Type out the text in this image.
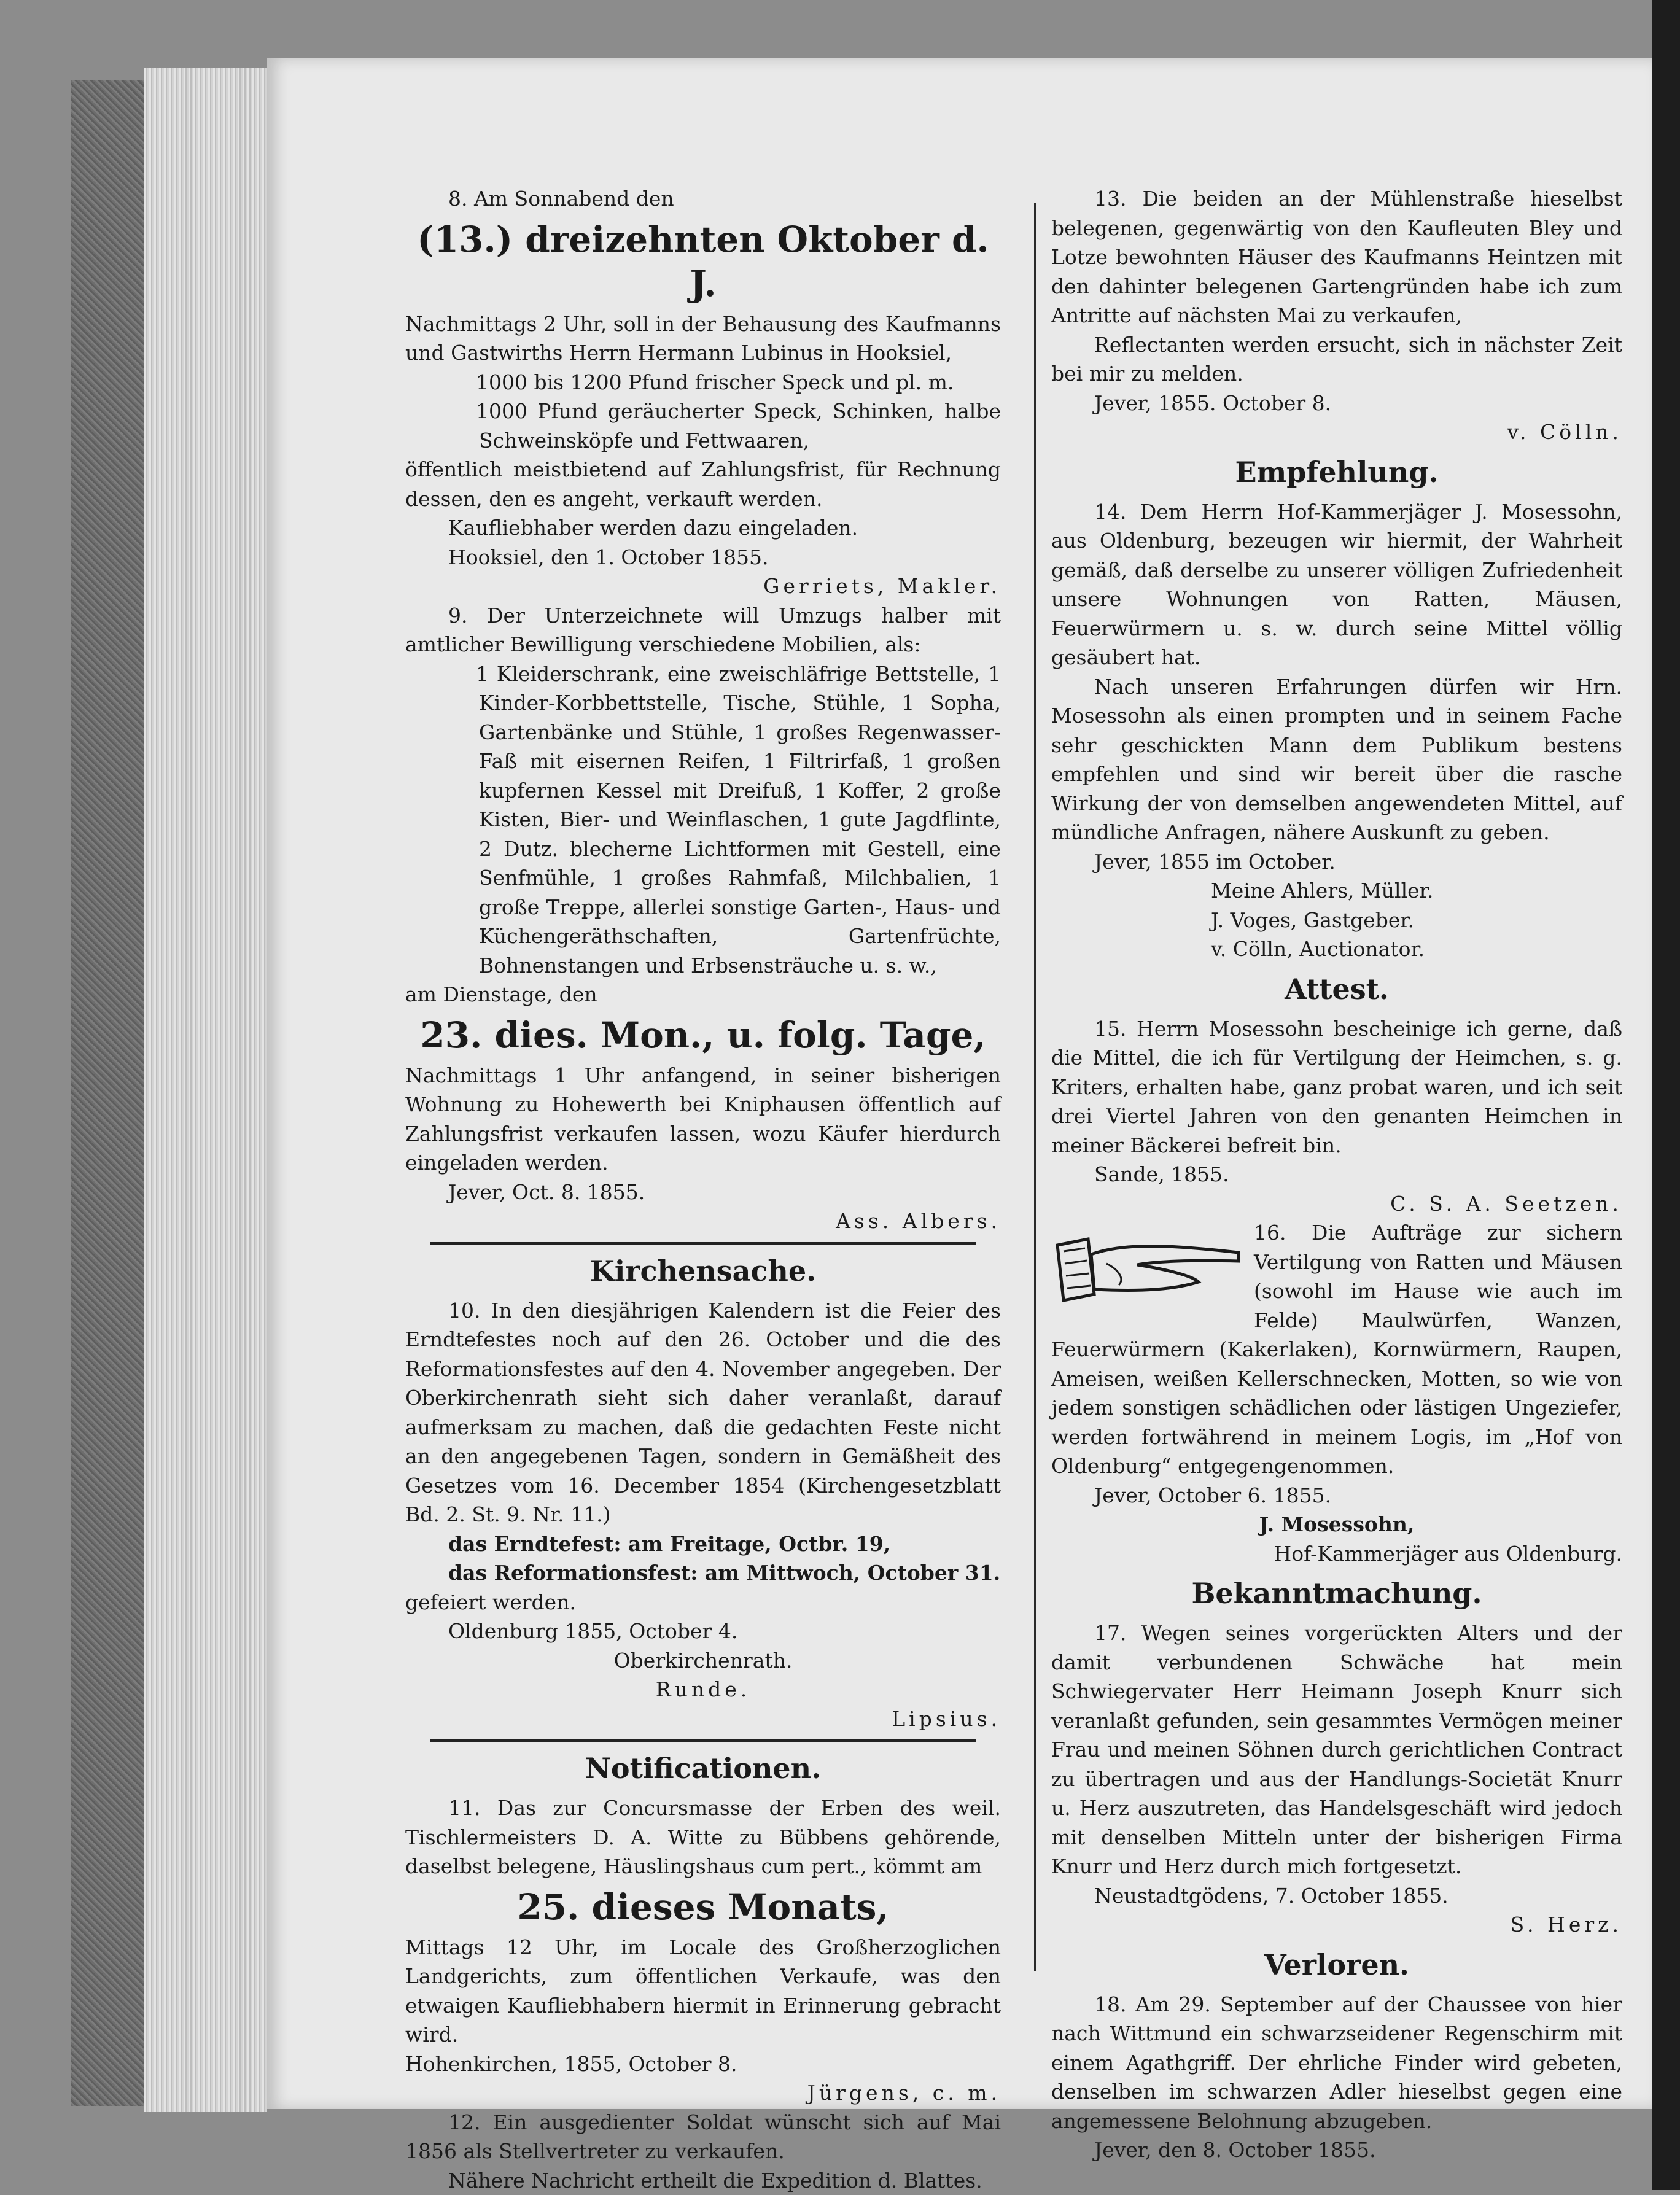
8. Am Sonnabend den

(13.) dreizehnten Oktober d. J.

Nachmittags 2 Uhr, soll in der Behausung des Kaufmanns und Gastwirths Herrn Hermann Lubinus in Hooksiel,

1000 bis 1200 Pfund frischer Speck und pl. m.

1000 Pfund geräucherter Speck, Schinken, halbe Schweinsköpfe und Fettwaaren,

öffentlich meistbietend auf Zahlungsfrist, für Rechnung dessen, den es angeht, verkauft werden.

Kaufliebhaber werden dazu eingeladen.

Hooksiel, den 1. October 1855.

Gerriets, Makler.

9. Der Unterzeichnete will Umzugs halber mit amtlicher Bewilligung verschiedene Mobilien, als:

1 Kleiderschrank, eine zweischläfrige Bettstelle, 1 Kinder-Korbbettstelle, Tische, Stühle, 1 Sopha, Gartenbänke und Stühle, 1 großes Regenwasser-Faß mit eisernen Reifen, 1 Filtrirfaß, 1 großen kupfernen Kessel mit Dreifuß, 1 Koffer, 2 große Kisten, Bier- und Weinflaschen, 1 gute Jagdflinte, 2 Dutz. blecherne Lichtformen mit Gestell, eine Senfmühle, 1 großes Rahmfaß, Milchbalien, 1 große Treppe, allerlei sonstige Garten-, Haus- und Küchengeräthschaften, Gartenfrüchte, Bohnenstangen und Erbsensträuche u. s. w.,

am Dienstage, den

23. dies. Mon., u. folg. Tage,

Nachmittags 1 Uhr anfangend, in seiner bisherigen Wohnung zu Hohewerth bei Kniphausen öffentlich auf Zahlungsfrist verkaufen lassen, wozu Käufer hierdurch eingeladen werden.

Jever, Oct. 8. 1855.

Ass. Albers.

Kirchensache.

10. In den diesjährigen Kalendern ist die Feier des Erndtefestes noch auf den 26. October und die des Reformationsfestes auf den 4. November angegeben. Der Oberkirchenrath sieht sich daher veranlaßt, darauf aufmerksam zu machen, daß die gedachten Feste nicht an den angegebenen Tagen, sondern in Gemäßheit des Gesetzes vom 16. December 1854 (Kirchengesetzblatt Bd. 2. St. 9. Nr. 11.)

das Erndtefest: am Freitage, Octbr. 19,

das Reformationsfest: am Mittwoch, October 31.

gefeiert werden.

Oldenburg 1855, October 4.

Oberkirchenrath.

Runde.

Lipsius.

Notificationen.

11. Das zur Concursmasse der Erben des weil. Tischlermeisters D. A. Witte zu Bübbens gehörende, daselbst belegene, Häuslingshaus cum pert., kömmt am

25. dieses Monats,

Mittags 12 Uhr, im Locale des Großherzoglichen Landgerichts, zum öffentlichen Verkaufe, was den etwaigen Kaufliebhabern hiermit in Erinnerung gebracht wird.

Hohenkirchen, 1855, October 8.

Jürgens, c. m.

12. Ein ausgedienter Soldat wünscht sich auf Mai 1856 als Stellvertreter zu verkaufen.

Nähere Nachricht ertheilt die Expedition d. Blattes.

13. Die beiden an der Mühlenstraße hieselbst belegenen, gegenwärtig von den Kaufleuten Bley und Lotze bewohnten Häuser des Kaufmanns Heintzen mit den dahinter belegenen Gartengründen habe ich zum Antritte auf nächsten Mai zu verkaufen,

Reflectanten werden ersucht, sich in nächster Zeit bei mir zu melden.

Jever, 1855. October 8.

v. Cölln.

Empfehlung.

14. Dem Herrn Hof-Kammerjäger J. Mosessohn, aus Oldenburg, bezeugen wir hiermit, der Wahrheit gemäß, daß derselbe zu unserer völligen Zufriedenheit unsere Wohnungen von Ratten, Mäusen, Feuerwürmern u. s. w. durch seine Mittel völlig gesäubert hat.

Nach unseren Erfahrungen dürfen wir Hrn. Mosessohn als einen prompten und in seinem Fache sehr geschickten Mann dem Publikum bestens empfehlen und sind wir bereit über die rasche Wirkung der von demselben angewendeten Mittel, auf mündliche Anfragen, nähere Auskunft zu geben.

Jever, 1855 im October.

Meine Ahlers, Müller.

J. Voges, Gastgeber.

v. Cölln, Auctionator.

Attest.

15. Herrn Mosessohn bescheinige ich gerne, daß die Mittel, die ich für Vertilgung der Heimchen, s. g. Kriters, erhalten habe, ganz probat waren, und ich seit drei Viertel Jahren von den genanten Heimchen in meiner Bäckerei befreit bin.

Sande, 1855.

C. S. A. Seetzen.

16. Die Aufträge zur sichern Vertilgung von Ratten und Mäusen (sowohl im Hause wie auch im Felde) Maulwürfen, Wanzen, Feuerwürmern (Kakerlaken), Kornwürmern, Raupen, Ameisen, weißen Kellerschnecken, Motten, so wie von jedem sonstigen schädlichen oder lästigen Ungeziefer, werden fortwährend in meinem Logis, im „Hof von Oldenburg“ entgegengenommen.

Jever, October 6. 1855.

J. Mosessohn,

Hof-Kammerjäger aus Oldenburg.

Bekanntmachung.

17. Wegen seines vorgerückten Alters und der damit verbundenen Schwäche hat mein Schwiegervater Herr Heimann Joseph Knurr sich veranlaßt gefunden, sein gesammtes Vermögen meiner Frau und meinen Söhnen durch gerichtlichen Contract zu übertragen und aus der Handlungs-Societät Knurr u. Herz auszutreten, das Handelsgeschäft wird jedoch mit denselben Mitteln unter der bisherigen Firma Knurr und Herz durch mich fortgesetzt.

Neustadtgödens, 7. October 1855.

S. Herz.

Verloren.

18. Am 29. September auf der Chaussee von hier nach Wittmund ein schwarzseidener Regenschirm mit einem Agathgriff. Der ehrliche Finder wird gebeten, denselben im schwarzen Adler hieselbst gegen eine angemessene Belohnung abzugeben.

Jever, den 8. October 1855.
